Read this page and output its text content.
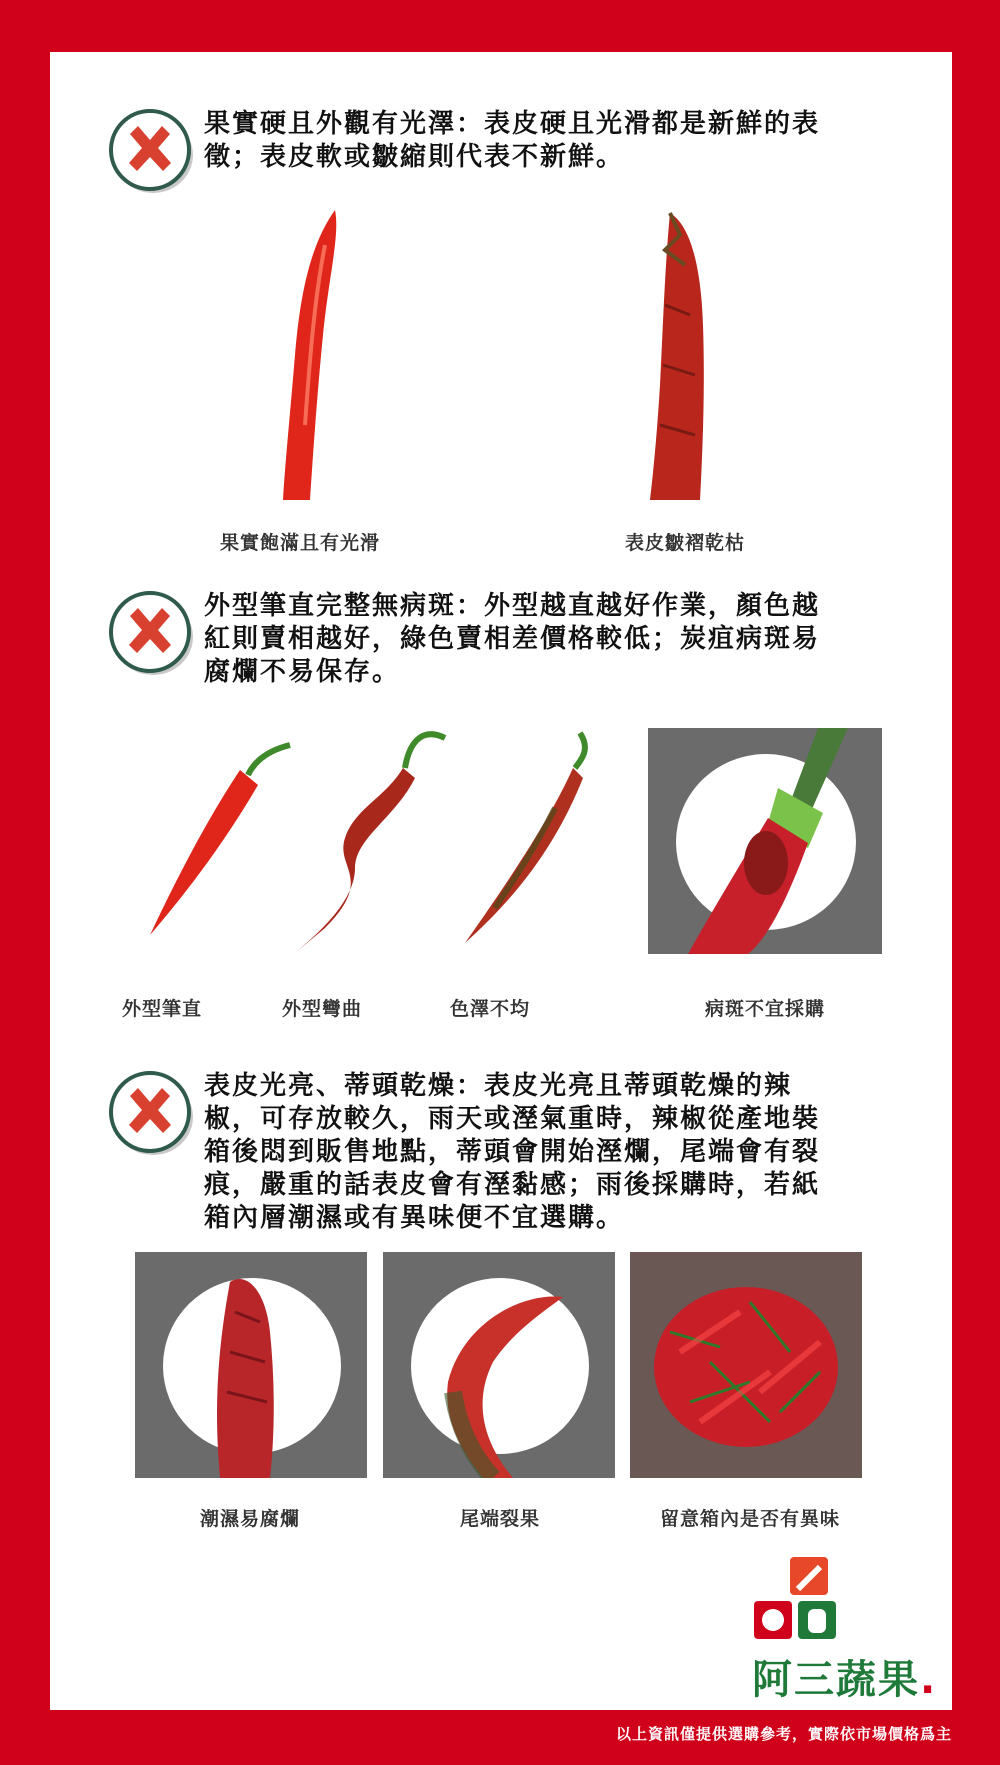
果實硬且外觀有光澤：表皮硬且光滑都是新鮮的表徵；表皮軟或皺縮則代表不新鮮。
果實飽滿且有光滑	表皮皺褶乾枯
外型筆直完整無病斑：外型越直越好作業，顏色越紅則賣相越好，綠色賣相差價格較低；炭疽病斑易腐爛不易保存。
外型筆直	外型彎曲	色澤不均	病斑不宜採購
表皮光亮、蒂頭乾燥：表皮光亮且蒂頭乾燥的辣椒，可存放較久，雨天或溼氣重時，辣椒從產地裝箱後悶到販售地點，蒂頭會開始溼爛，尾端會有裂痕，嚴重的話表皮會有溼黏感；雨後採購時，若紙箱內層潮濕或有異味便不宜選購。
潮濕易腐爛	尾端裂果	留意箱內是否有異味
阿三蔬果.
以上資訊僅提供選購參考，實際依市場價格爲主
